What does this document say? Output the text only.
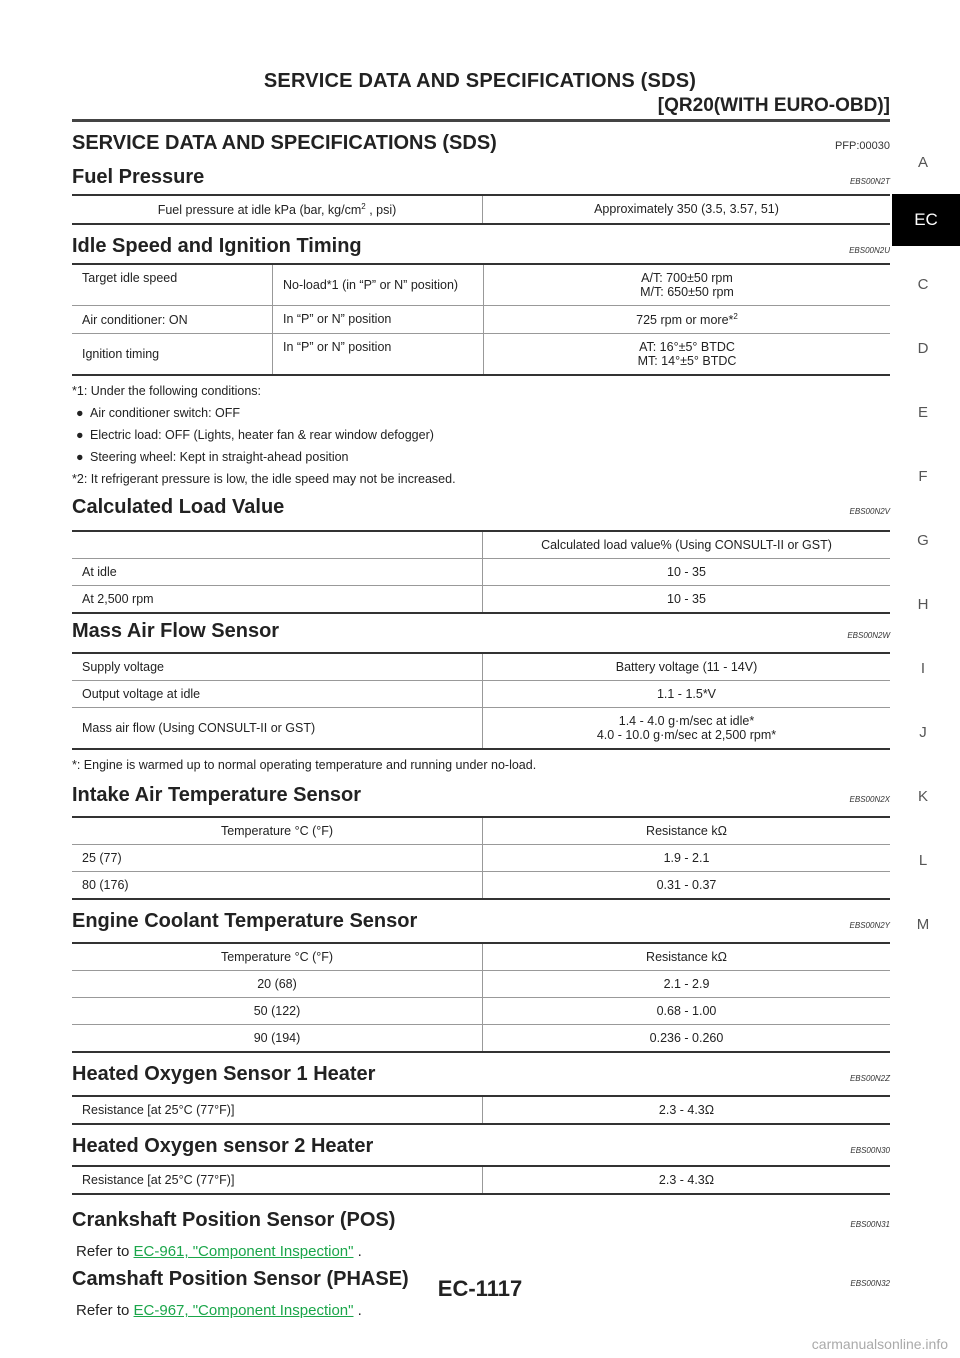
SERVICE DATA AND SPECIFICATIONS (SDS)
[QR20(WITH EURO-OBD)]
A
EC
C
D
E
F
G
H
I
J
K
L
M
SERVICE DATA AND SPECIFICATIONS (SDS)	PFP:00030
Fuel Pressure	EBS00N2T
Fuel pressure at idle kPa (bar, $kg/cm^2$ , psi)	Approximately 350 (3.5, 3.57, 51)
Idle Speed and Ignition Timing	EBS00N2U
Target idle speed	No-load*1 (in “P” or N” position)	A/T: 700±50 rpm
M/T: 650±50 rpm

Air conditioner: ON	In “P” or N” position	725 rpm or more*$^2$
Ignition timing	In “P” or N” position	AT: 16°±5° BTDC
MT: 14°±5° BTDC
*1: Under the following conditions:
● Air conditioner switch: OFF
● Electric load: OFF (Lights, heater fan & rear window defogger)
● Steering wheel: Kept in straight-ahead position
*2: It refrigerant pressure is low, the idle speed may not be increased.
Calculated Load Value	EBS00N2V
	Calculated load value% (Using CONSULT-II or GST)
At idle	10 - 35
At 2,500 rpm	10 - 35
Mass Air Flow Sensor	EBS00N2W
Supply voltage	Battery voltage (11 - 14V)
Output voltage at idle	1.1 - 1.5*V
Mass air flow (Using CONSULT-II or GST)	1.4 - 4.0 g·m/sec at idle*
4.0 - 10.0 g·m/sec at 2,500 rpm*
*: Engine is warmed up to normal operating temperature and running under no-load.
Intake Air Temperature Sensor	EBS00N2X
Temperature °C (°F)	Resistance kΩ
25 (77)	1.9 - 2.1
80 (176)	0.31 - 0.37
Engine Coolant Temperature Sensor	EBS00N2Y
Temperature °C (°F)	Resistance kΩ
20 (68)	2.1 - 2.9
50 (122)	0.68 - 1.00
90 (194)	0.236 - 0.260
Heated Oxygen Sensor 1 Heater	EBS00N2Z
Resistance [at 25°C (77°F)]	2.3 - 4.3Ω
Heated Oxygen sensor 2 Heater	EBS00N30
Resistance [at 25°C (77°F)]	2.3 - 4.3Ω
Crankshaft Position Sensor (POS)	EBS00N31
Refer to EC-961, "Component Inspection" .
Camshaft Position Sensor (PHASE)	EBS00N32
Refer to EC-967, "Component Inspection" .
EC-1117
carmanualsonline.info
